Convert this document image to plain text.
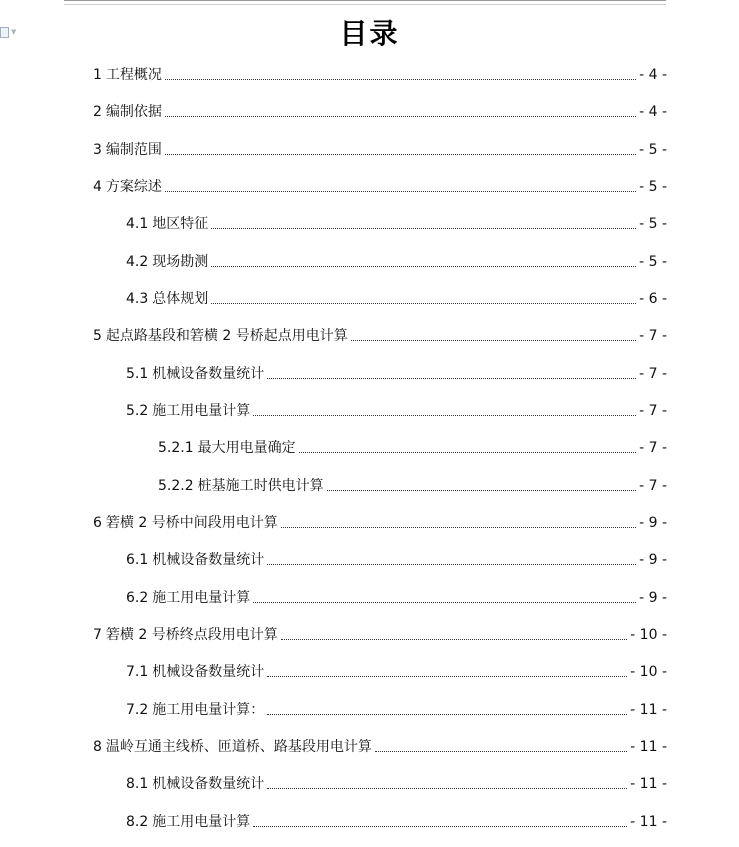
▼	目录
1 工程概况	- 4 -
2 编制依据	- 4 -
3 编制范围	- 5 -
4 方案综述	- 5 -
4.1 地区特征	- 5 -
4.2 现场勘测	- 5 -
4.3 总体规划	- 6 -
5 起点路基段和箬横 2 号桥起点用电计算	- 7 -
5.1 机械设备数量统计	- 7 -
5.2 施工用电量计算	- 7 -
5.2.1 最大用电量确定	- 7 -
5.2.2 桩基施工时供电计算	- 7 -
6 箬横 2 号桥中间段用电计算	- 9 -
6.1 机械设备数量统计	- 9 -
6.2 施工用电量计算	- 9 -
7 箬横 2 号桥终点段用电计算	- 10 -
7.1 机械设备数量统计	- 10 -
7.2 施工用电量计算：	- 11 -
8 温岭互通主线桥、匝道桥、路基段用电计算	- 11 -
8.1 机械设备数量统计	- 11 -
8.2 施工用电量计算	- 11 -
